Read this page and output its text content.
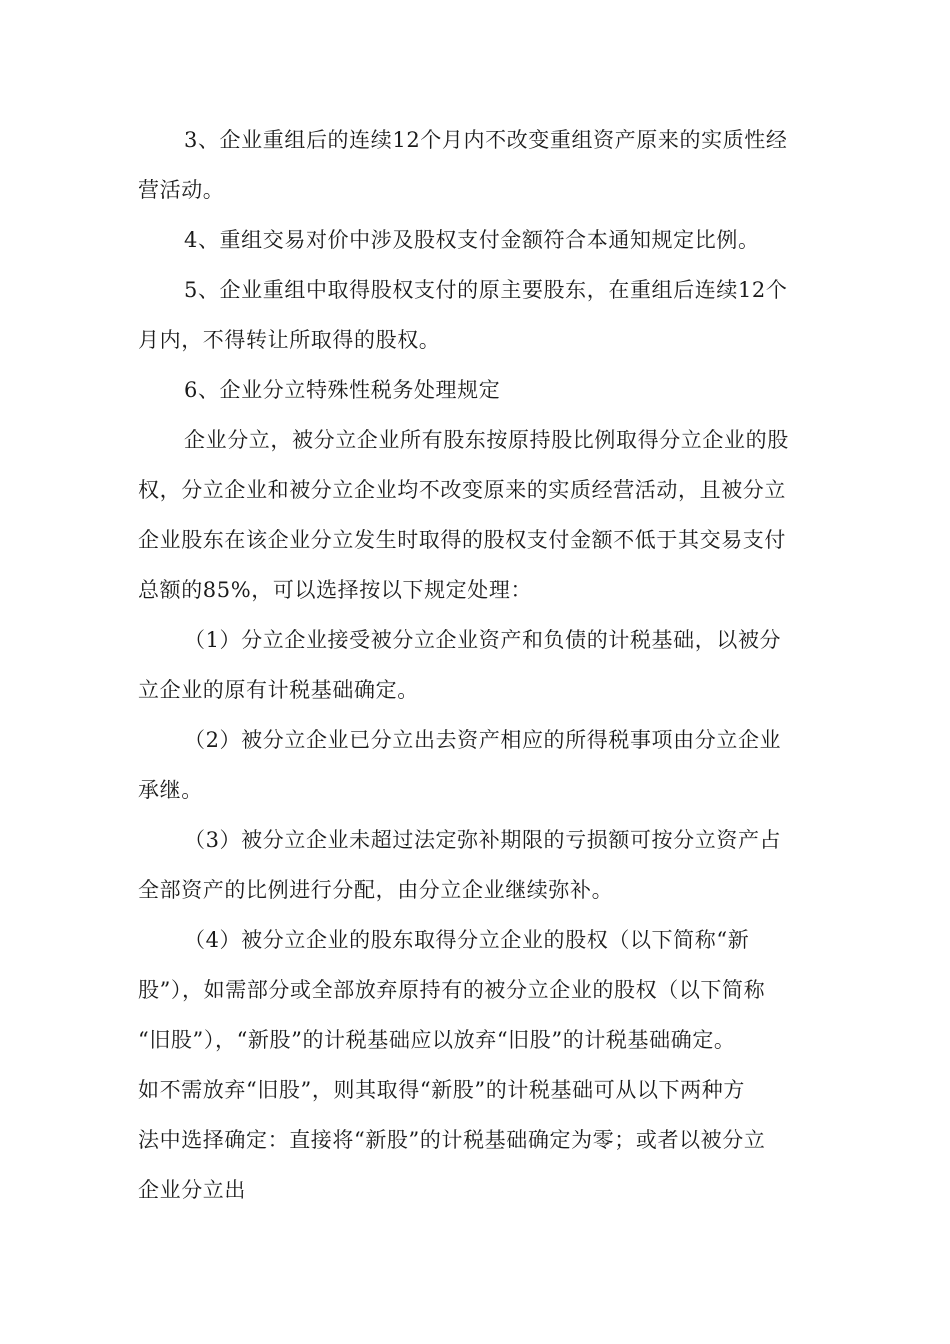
3、企业重组后的连续12个月内不改变重组资产原来的实质性经
营活动。
4、重组交易对价中涉及股权支付金额符合本通知规定比例。
5、企业重组中取得股权支付的原主要股东，在重组后连续12个
月内，不得转让所取得的股权。
6、企业分立特殊性税务处理规定
企业分立，被分立企业所有股东按原持股比例取得分立企业的股
权，分立企业和被分立企业均不改变原来的实质经营活动，且被分立
企业股东在该企业分立发生时取得的股权支付金额不低于其交易支付
总额的85%，可以选择按以下规定处理：
（1）分立企业接受被分立企业资产和负债的计税基础，以被分
立企业的原有计税基础确定。
（2）被分立企业已分立出去资产相应的所得税事项由分立企业
承继。
（3）被分立企业未超过法定弥补期限的亏损额可按分立资产占
全部资产的比例进行分配，由分立企业继续弥补。
（4）被分立企业的股东取得分立企业的股权（以下简称“新
股”），如需部分或全部放弃原持有的被分立企业的股权（以下简称
“旧股”），“新股”的计税基础应以放弃“旧股”的计税基础确定。
如不需放弃“旧股”，则其取得“新股”的计税基础可从以下两种方
法中选择确定：直接将“新股”的计税基础确定为零；或者以被分立
企业分立出
